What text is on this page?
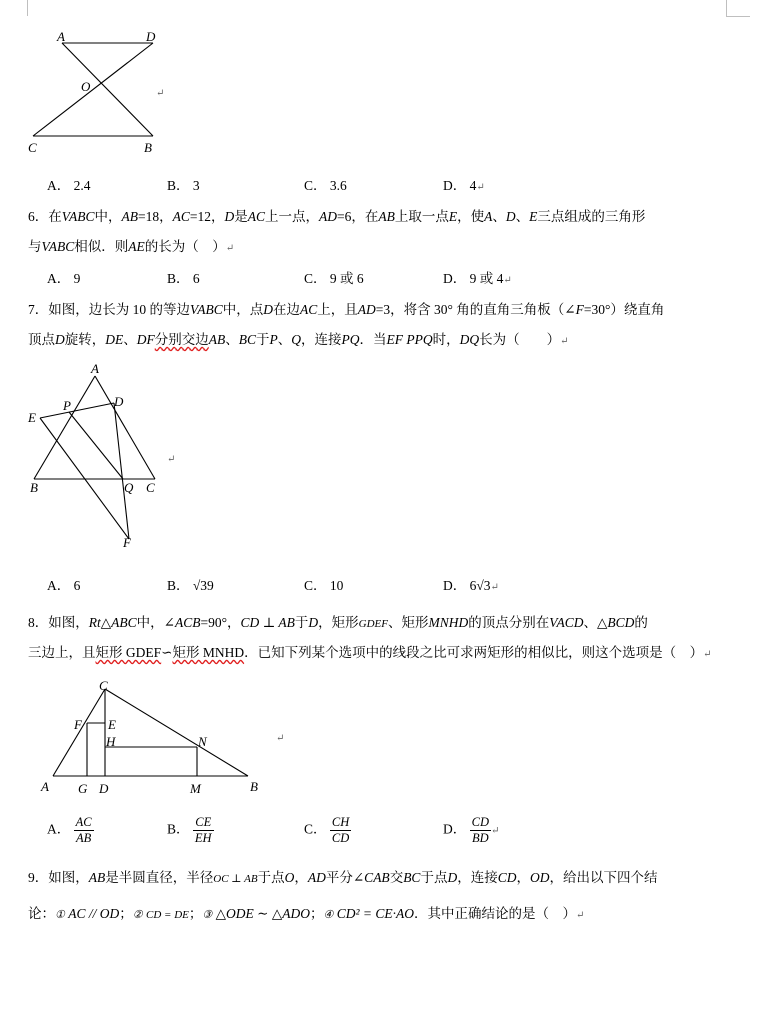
A	D
O
C	B
↵
A． 2.4	B． 3	C． 3.6	D． 4↵
6．在VABC中，AB=18，AC=12，D是AC上一点，AD=6，在AB上取一点E，使A、D、E三点组成的三角形
与VABC相似．则AE的长为（　）↵
A． 9	B． 6	C． 9 或 6	D． 9 或 4↵
7．如图，边长为 10 的等边VABC中，点D在边AC上，且AD=3，将含 30° 角的直角三角板（∠F=30°）绕直角
顶点D旋转，DE、DF分别交边AB、BC于P、Q，连接PQ．当EF PPQ时，DQ长为（　　）↵
A
E
P	D
B	Q C
F
↵
A． 6	B． √39	C． 10	D． 6√3↵
8．如图，Rt△ABC中，∠ACB=90°，CD ⊥ AB于D，矩形GDEF、矩形MNHD的顶点分别在VACD、△BCD的
三边上，且矩形 GDEF∽矩形 MNHD．已知下列某个选项中的线段之比可求两矩形的相似比，则这个选项是（　）↵
C
F E
H	N
A G D	M	B
↵
A． $\frac{AC}{AB}$	B． $\frac{CE}{EH}$	C． $\frac{CH}{CD}$	D． $\frac{CD}{BD}$ ↵
9．如图，AB是半圆直径，半径OC ⊥ AB于点O，AD平分∠CAB交BC于点D，连接CD，OD，给出以下四个结
论：① AC // OD；② CD = DE；③ △ODE ∼ △ADO；④ CD² = CE·AO．其中正确结论的是（　）↵
